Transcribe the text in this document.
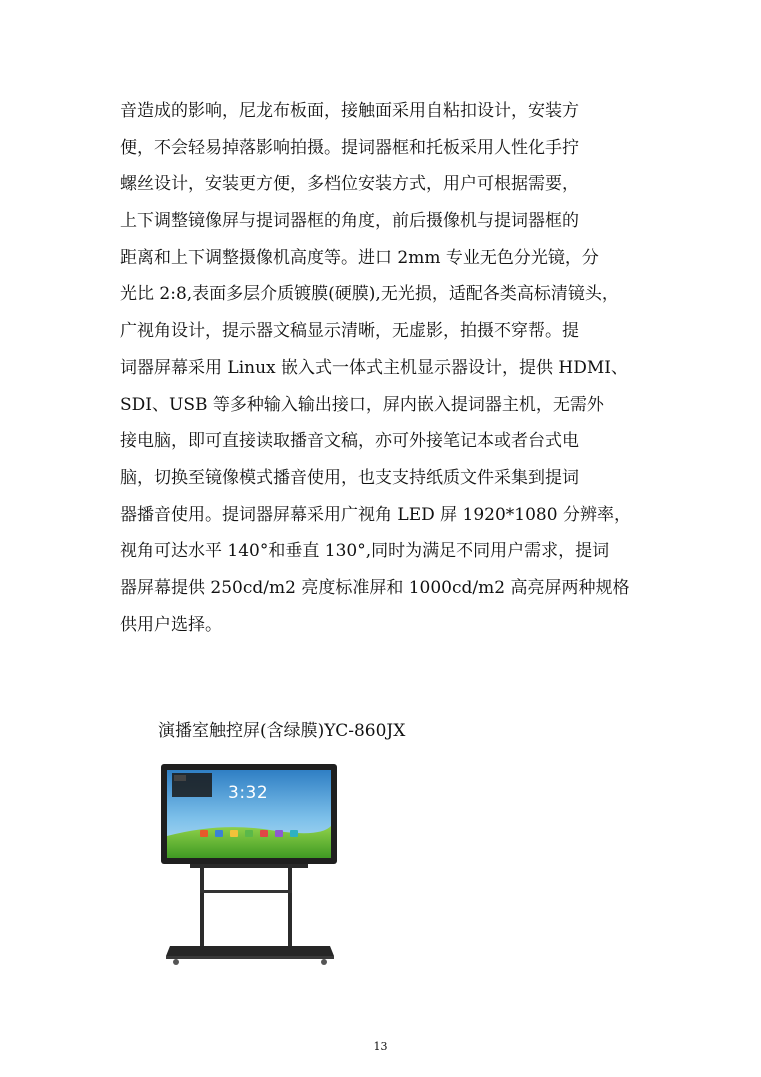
音造成的影响，尼龙布板面，接触面采用自粘扣设计，安装方
便，不会轻易掉落影响拍摄。提词器框和托板采用人性化手拧
螺丝设计，安装更方便，多档位安装方式，用户可根据需要，
上下调整镜像屏与提词器框的角度，前后摄像机与提词器框的
距离和上下调整摄像机高度等。进口 2mm 专业无色分光镜，分
光比 2:8,表面多层介质镀膜(硬膜),无光损，适配各类高标清镜头，
广视角设计，提示器文稿显示清晰，无虚影，拍摄不穿帮。提
词器屏幕采用 Linux 嵌入式一体式主机显示器设计，提供 HDMI、
SDI、USB 等多种输入输出接口，屏内嵌入提词器主机，无需外
接电脑，即可直接读取播音文稿，亦可外接笔记本或者台式电
脑，切换至镜像模式播音使用，也支支持纸质文件采集到提词
器播音使用。提词器屏幕采用广视角 LED 屏 1920*1080 分辨率，
视角可达水平 140°和垂直 130°,同时为满足不同用户需求，提词
器屏幕提供 250cd/m2 亮度标准屏和 1000cd/m2 高亮屏两种规格
供用户选择。
演播室触控屏(含绿膜)YC-860JX
3:32
13
